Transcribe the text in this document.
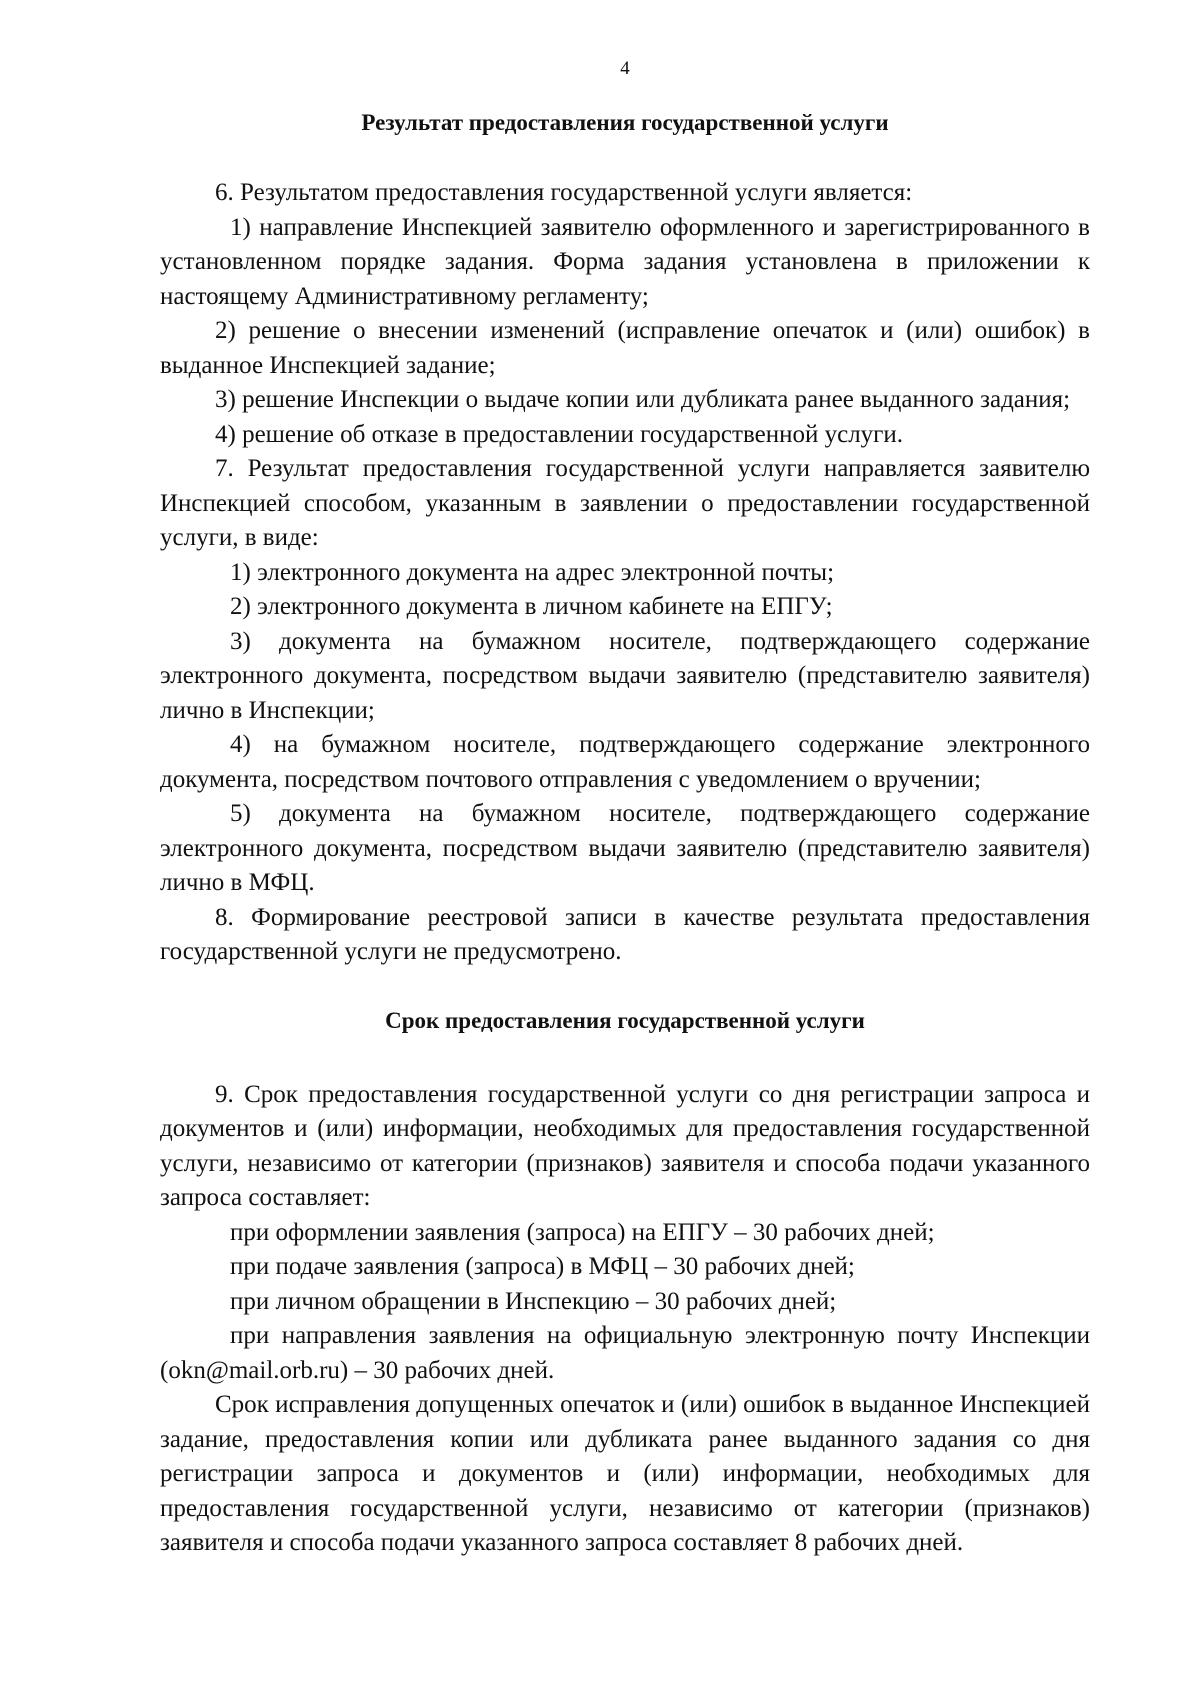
4
Результат предоставления государственной услуги

6. Результатом предоставления государственной услуги является:

1) направление Инспекцией заявителю оформленного и зарегистрированного в установленном порядке задания. Форма задания установлена в приложении к настоящему Административному регламенту;

2) решение о внесении изменений (исправление опечаток и (или) ошибок) в выданное Инспекцией задание;

3) решение Инспекции о выдаче копии или дубликата ранее выданного задания;

4) решение об отказе в предоставлении государственной услуги.

7. Результат предоставления государственной услуги направляется заявителю Инспекцией способом, указанным в заявлении о предоставлении государственной услуги, в виде:

1) электронного документа на адрес электронной почты;

2) электронного документа в личном кабинете на ЕПГУ;

3) документа на бумажном носителе, подтверждающего содержание электронного документа, посредством выдачи заявителю (представителю заявителя) лично в Инспекции;

4) на бумажном носителе, подтверждающего содержание электронного документа, посредством почтового отправления с уведомлением о вручении;

5) документа на бумажном носителе, подтверждающего содержание электронного документа, посредством выдачи заявителю (представителю заявителя) лично в МФЦ.

8. Формирование реестровой записи в качестве результата предоставления государственной услуги не предусмотрено.

Срок предоставления государственной услуги

9. Срок предоставления государственной услуги со дня регистрации запроса и документов и (или) информации, необходимых для предоставления государственной услуги, независимо от категории (признаков) заявителя и способа подачи указанного запроса составляет:

при оформлении заявления (запроса) на ЕПГУ – 30 рабочих дней;

при подаче заявления (запроса) в МФЦ – 30 рабочих дней;

при личном обращении в Инспекцию – 30 рабочих дней;

при направления заявления на официальную электронную почту Инспекции (okn@mail.orb.ru) – 30 рабочих дней.

Срок исправления допущенных опечаток и (или) ошибок в выданное Инспекцией задание, предоставления копии или дубликата ранее выданного задания со дня регистрации запроса и документов и (или) информации, необходимых для предоставления государственной услуги, независимо от категории (признаков) заявителя и способа подачи указанного запроса составляет 8 рабочих дней.
